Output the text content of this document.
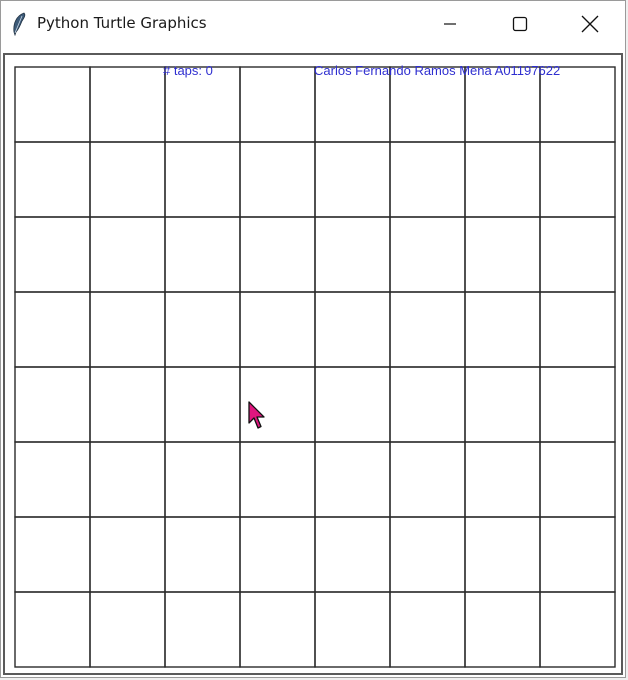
Python Turtle Graphics
# taps: 0	Carlos Fernando Ramos Mena A01197622
